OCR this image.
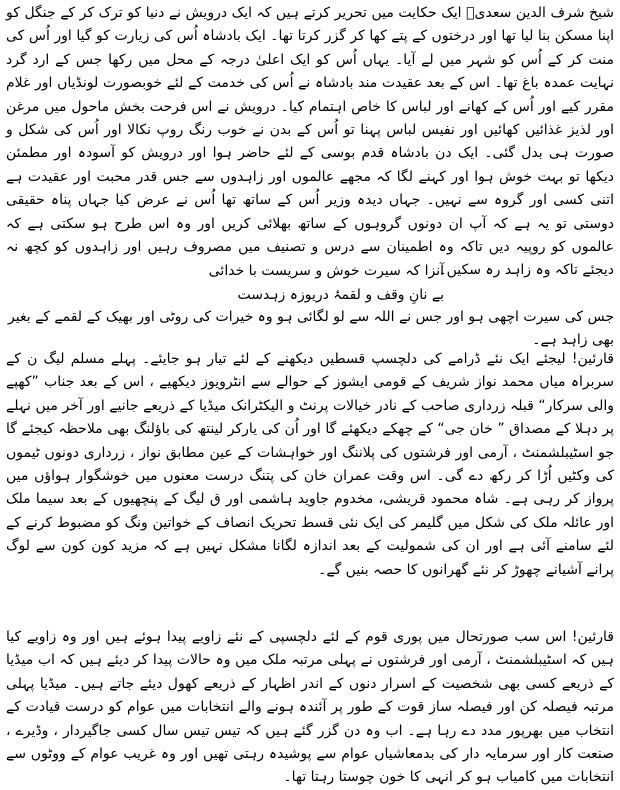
شیخ شرف الدین سعدیؒ ایک حکایت میں تحریر کرتے ہیں کہ ایک درویش نے دنیا کو ترک کر کے جنگل کو اپنا مسکن بنا لیا تھا اور درختوں کے پتے کھا کر گزر کرتا تھا۔ ایک بادشاہ اُس کی زیارت کو گیا اور اُس کی منت کر کے اُس کو شہر میں لے آیا۔ یہاں اُس کو ایک اعلیٰ درجہ کے محل میں رکھا جس کے ارد گرد نہایت عمدہ باغ تھا۔ اس کے بعد عقیدت مند بادشاہ نے اُس کی خدمت کے لئے خوبصورت لونڈیاں اور غلام مقرر کیے اور اُس کے کھانے اور لباس کا خاص اہتمام کیا۔ درویش نے اس فرحت بخش ماحول میں مرغن اور لذیز غذائیں کھائیں اور نفیس لباس پہنا تو اُس کے بدن نے خوب رنگ روپ نکالا اور اُس کی شکل و صورت ہی بدل گئی۔ ایک دن بادشاہ قدم بوسی کے لئے حاضر ہوا اور درویش کو آسودہ اور مطمئن دیکھا تو بہت خوش ہوا اور کہنے لگا کہ مجھے عالموں اور زاہدوں سے جس قدر محبت اور عقیدت ہے اتنی کسی اور گروہ سے نہیں۔ جہاں دیدہ وزیر اُس کے ساتھ تھا اُس نے عرض کیا جہاں پناہ حقیقی دوستی تو یہ ہے کہ آپ ان دونوں گروہوں کے ساتھ بھلائی کریں اور وہ اس طرح ہو سکتی ہے کہ عالموں کو روپیہ دیں تاکہ وہ اطمینان سے درس و تصنیف میں مصروف رہیں اور زاہدوں کو کچھ نہ دیجئے تاکہ وہ زاہد رہ سکیں۔

آنزا کہ سیرت خوش و سریست با خدائی

بے نانِ وقف و لقمۂ دریوزہ زہدست

جس کی سیرت اچھی ہو اور جس نے اللہ سے لو لگائی ہو وہ خیرات کی روٹی اور بھیک کے لقمے کے بغیر بھی زاہد ہے۔

قارئین! لیجئے ایک نئے ڈرامے کی دلچسپ قسطیں دیکھنے کے لئے تیار ہو جایئے۔ پہلے مسلم لیگ ن کے سربراہ میاں محمد نواز شریف کے قومی ایشوز کے حوالے سے انٹرویوز دیکھیے ، اس کے بعد جناب ”کھپے والی سرکار“ قبلہ زرداری صاحب کے نادر خیالات پرنٹ و الیکٹرانک میڈیا کے ذریعے جانیے اور آخر میں نہلے پر دہلا کے مصداق ” خان جی“ کے چھکے دیکھئے گا اور اُن کی یارکر لینتھ کی باؤلنگ بھی ملاحظہ کیجئے گا جو اسٹیبلشمنٹ ، آرمی اور فرشتوں کی پلاننگ اور خواہشات کے عین مطابق نواز ، زرداری دونوں ٹیموں کی وکٹیں اُڑا کر رکھ دے گی۔ اس وقت عمران خان کی پتنگ درست معنوں میں خوشگوار ہواؤں میں پرواز کر رہی ہے۔ شاہ محمود قریشی، مخدوم جاوید ہاشمی اور ق لیگ کے پنچھیوں کے بعد سیما ملک اور عائلہ ملک کی شکل میں گلیمر کی ایک نئی قسط تحریک انصاف کے خواتین ونگ کو مضبوط کرنے کے لئے سامنے آئی ہے اور ان کی شمولیت کے بعد اندازہ لگانا مشکل نہیں ہے کہ مزید کون کون سے لوگ پرانے آشیانے چھوڑ کر نئے گھرانوں کا حصہ بنیں گے۔

قارئین! اس سب صورتحال میں پوری قوم کے لئے دلچسپی کے نئے زاویے پیدا ہوئے ہیں اور وہ زاویے کیا ہیں کہ اسٹیبلشمنٹ ، آرمی اور فرشتوں نے پہلی مرتبہ ملک میں وہ حالات پیدا کر دیئے ہیں کہ اب میڈیا کے ذریعے کسی بھی شخصیت کے اسرار دنوں کے اندر اظہار کے ذریعے کھول دیئے جاتے ہیں۔ میڈیا پہلی مرتبہ فیصلہ کن اور فیصلہ ساز قوت کے طور پر آئندہ ہونے والے انتخابات میں عوام کو درست قیادت کے انتخاب میں بھرپور مدد دے رہا ہے۔ اب وہ دن گزر گئے ہیں کہ تیس تیس سال کسی جاگیردار ، وڈیرے ، صنعت کار اور سرمایہ دار کی بدمعاشیاں عوام سے پوشیدہ رہتی تھیں اور وہ غریب عوام کے ووٹوں سے انتخابات میں کامیاب ہو کر انہی کا خون چوستا رہتا تھا۔
